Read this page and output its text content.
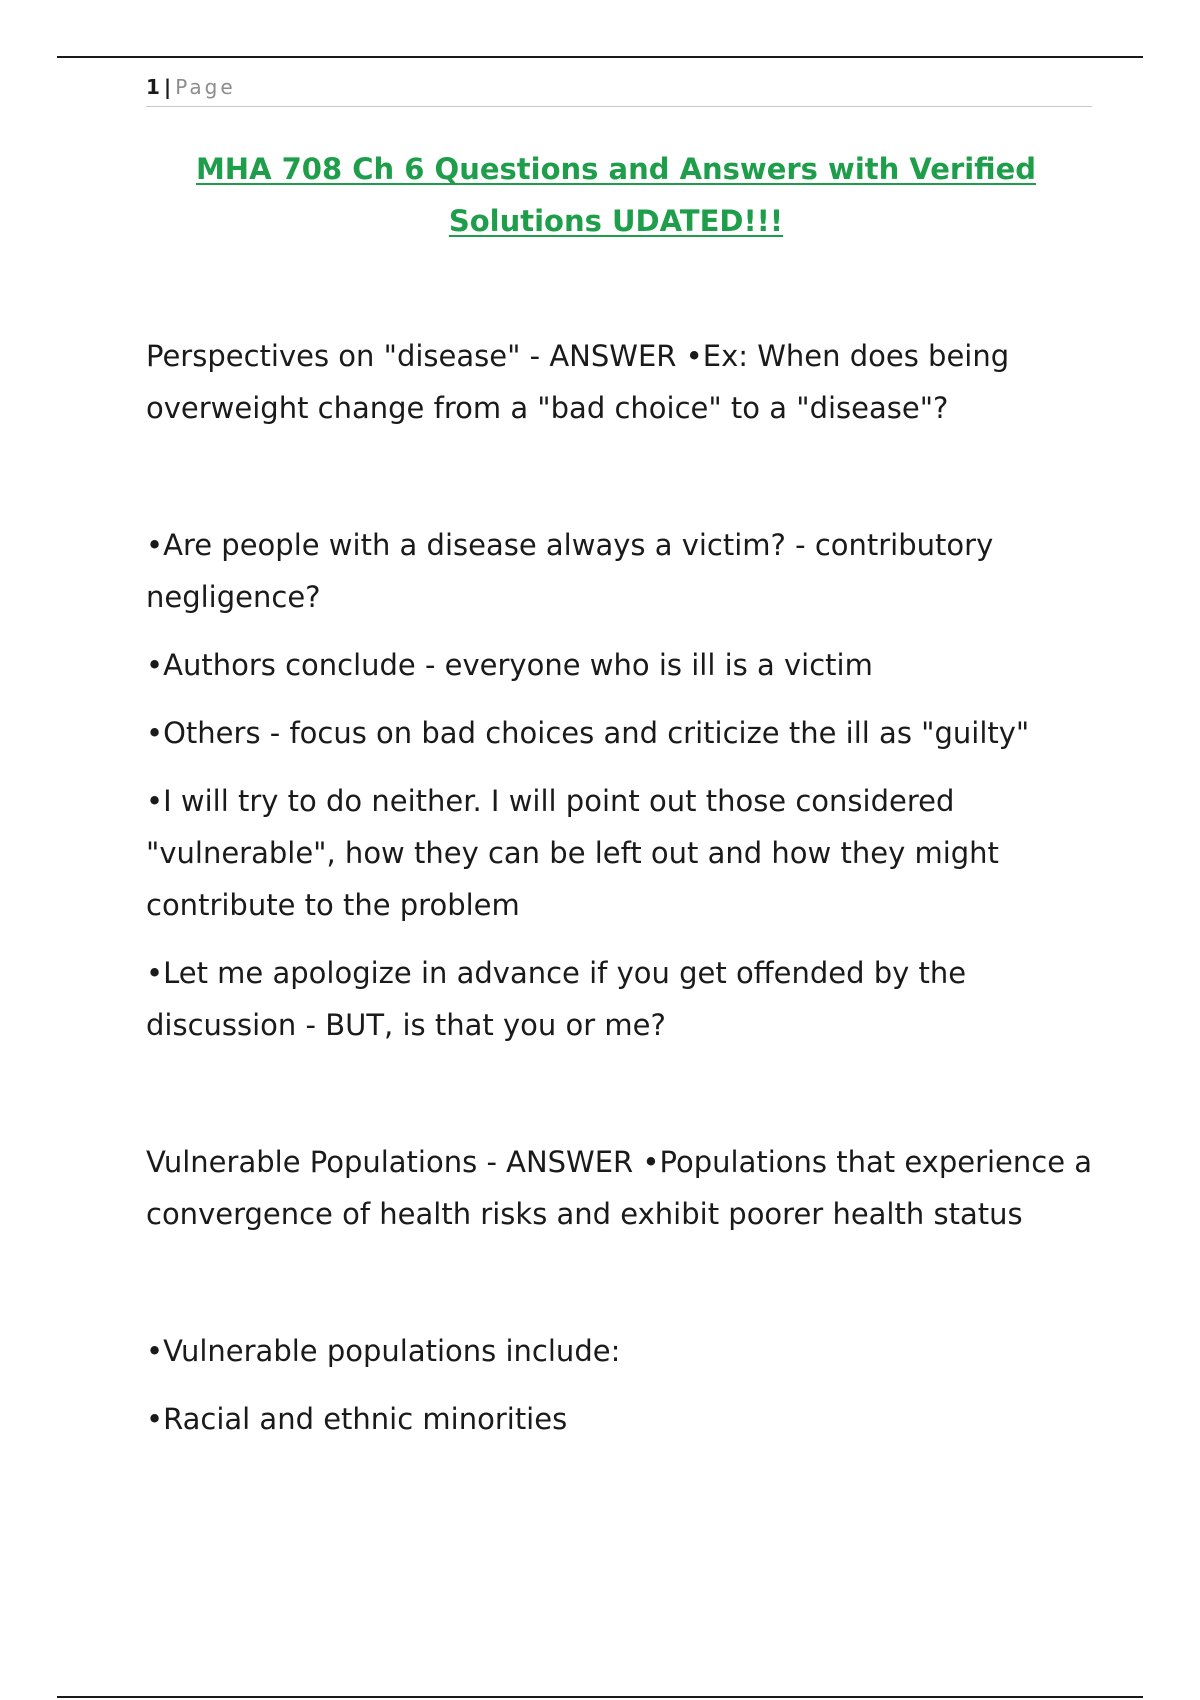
1 | Page
MHA 708 Ch 6 Questions and Answers with Verified Solutions UDATED!!!

Perspectives on "disease" - ANSWER •Ex: When does being overweight change from a "bad choice" to a "disease"?

•Are people with a disease always a victim? - contributory negligence?

•Authors conclude - everyone who is ill is a victim

•Others - focus on bad choices and criticize the ill as "guilty"

•I will try to do neither. I will point out those considered "vulnerable", how they can be left out and how they might contribute to the problem

•Let me apologize in advance if you get offended by the discussion - BUT, is that you or me?

Vulnerable Populations - ANSWER •Populations that experience a convergence of health risks and exhibit poorer health status

•Vulnerable populations include:

•Racial and ethnic minorities
